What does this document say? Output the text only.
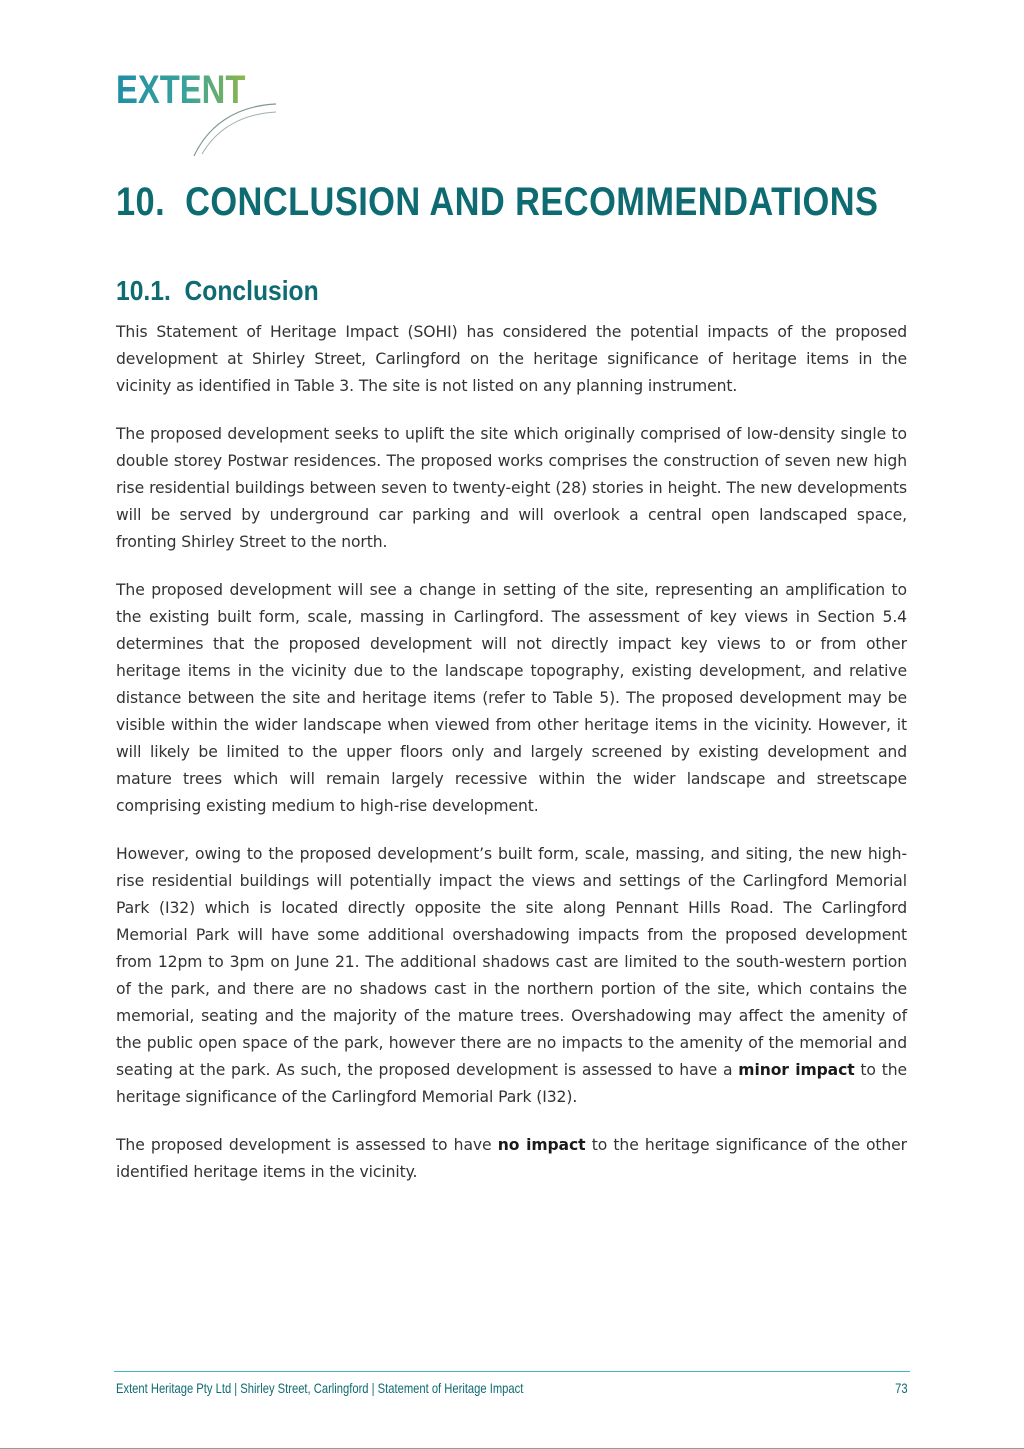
EXTENT
10. CONCLUSION AND RECOMMENDATIONS
10.1. Conclusion

This Statement of Heritage Impact (SOHI) has considered the potential impacts of the proposed development at Shirley Street, Carlingford on the heritage significance of heritage items in the vicinity as identified in Table 3. The site is not listed on any planning instrument.

The proposed development seeks to uplift the site which originally comprised of low-density single to double storey Postwar residences. The proposed works comprises the construction of seven new high rise residential buildings between seven to twenty-eight (28) stories in height. The new developments will be served by underground car parking and will overlook a central open landscaped space, fronting Shirley Street to the north.

The proposed development will see a change in setting of the site, representing an amplification to the existing built form, scale, massing in Carlingford. The assessment of key views in Section 5.4 determines that the proposed development will not directly impact key views to or from other heritage items in the vicinity due to the landscape topography, existing development, and relative distance between the site and heritage items (refer to Table 5). The proposed development may be visible within the wider landscape when viewed from other heritage items in the vicinity. However, it will likely be limited to the upper floors only and largely screened by existing development and mature trees which will remain largely recessive within the wider landscape and streetscape comprising existing medium to high-rise development.

However, owing to the proposed development’s built form, scale, massing, and siting, the new high-rise residential buildings will potentially impact the views and settings of the Carlingford Memorial Park (I32) which is located directly opposite the site along Pennant Hills Road. The Carlingford Memorial Park will have some additional overshadowing impacts from the proposed development from 12pm to 3pm on June 21. The additional shadows cast are limited to the south-western portion of the park, and there are no shadows cast in the northern portion of the site, which contains the memorial, seating and the majority of the mature trees. Overshadowing may affect the amenity of the public open space of the park, however there are no impacts to the amenity of the memorial and seating at the park. As such, the proposed development is assessed to have a minor impact to the heritage significance of the Carlingford Memorial Park (I32).

The proposed development is assessed to have no impact to the heritage significance of the other identified heritage items in the vicinity.

Extent Heritage Pty Ltd | Shirley Street, Carlingford | Statement of Heritage Impact	73
